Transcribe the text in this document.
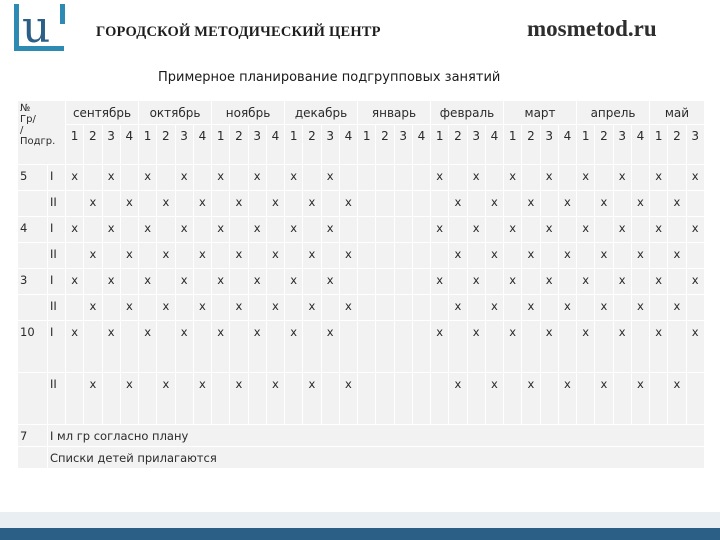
u	ГОРОДСКОЙ МЕТОДИЧЕСКИЙ ЦЕНТР	mosmetod.ru
Примерное планирование подгрупповых занятий
№
Гр/
/
Подгр.		сентябрь				октябрь				ноябрь				декабрь				январь				февраль				март				апрель				май		
		1	2	3	4	1	2	3	4	1	2	3	4	1	2	3	4	1	2	3	4	1	2	3	4	1	2	3	4	1	2	3	4	1	2	3
5	I	х		х		х		х		х		х		х		х						х		х		х		х		х		х		х		х
	II		х		х		х		х		х		х		х		х						х		х		х		х		х		х		х	
4	I	х		х		х		х		х		х		х		х						х		х		х		х		х		х		х		х
	II		х		х		х		х		х		х		х		х						х		х		х		х		х		х		х	
3	I	х		х		х		х		х		х		х		х						х		х		х		х		х		х		х		х
	II		х		х		х		х		х		х		х		х						х		х		х		х		х		х		х	
10	I	х		х		х		х		х		х		х		х						х		х		х		х		х		х		х		х
	II		х		х		х		х		х		х		х		х						х		х		х		х		х		х		х	
7	I мл гр согласно плану																																			
	Списки детей прилагаются																																			
